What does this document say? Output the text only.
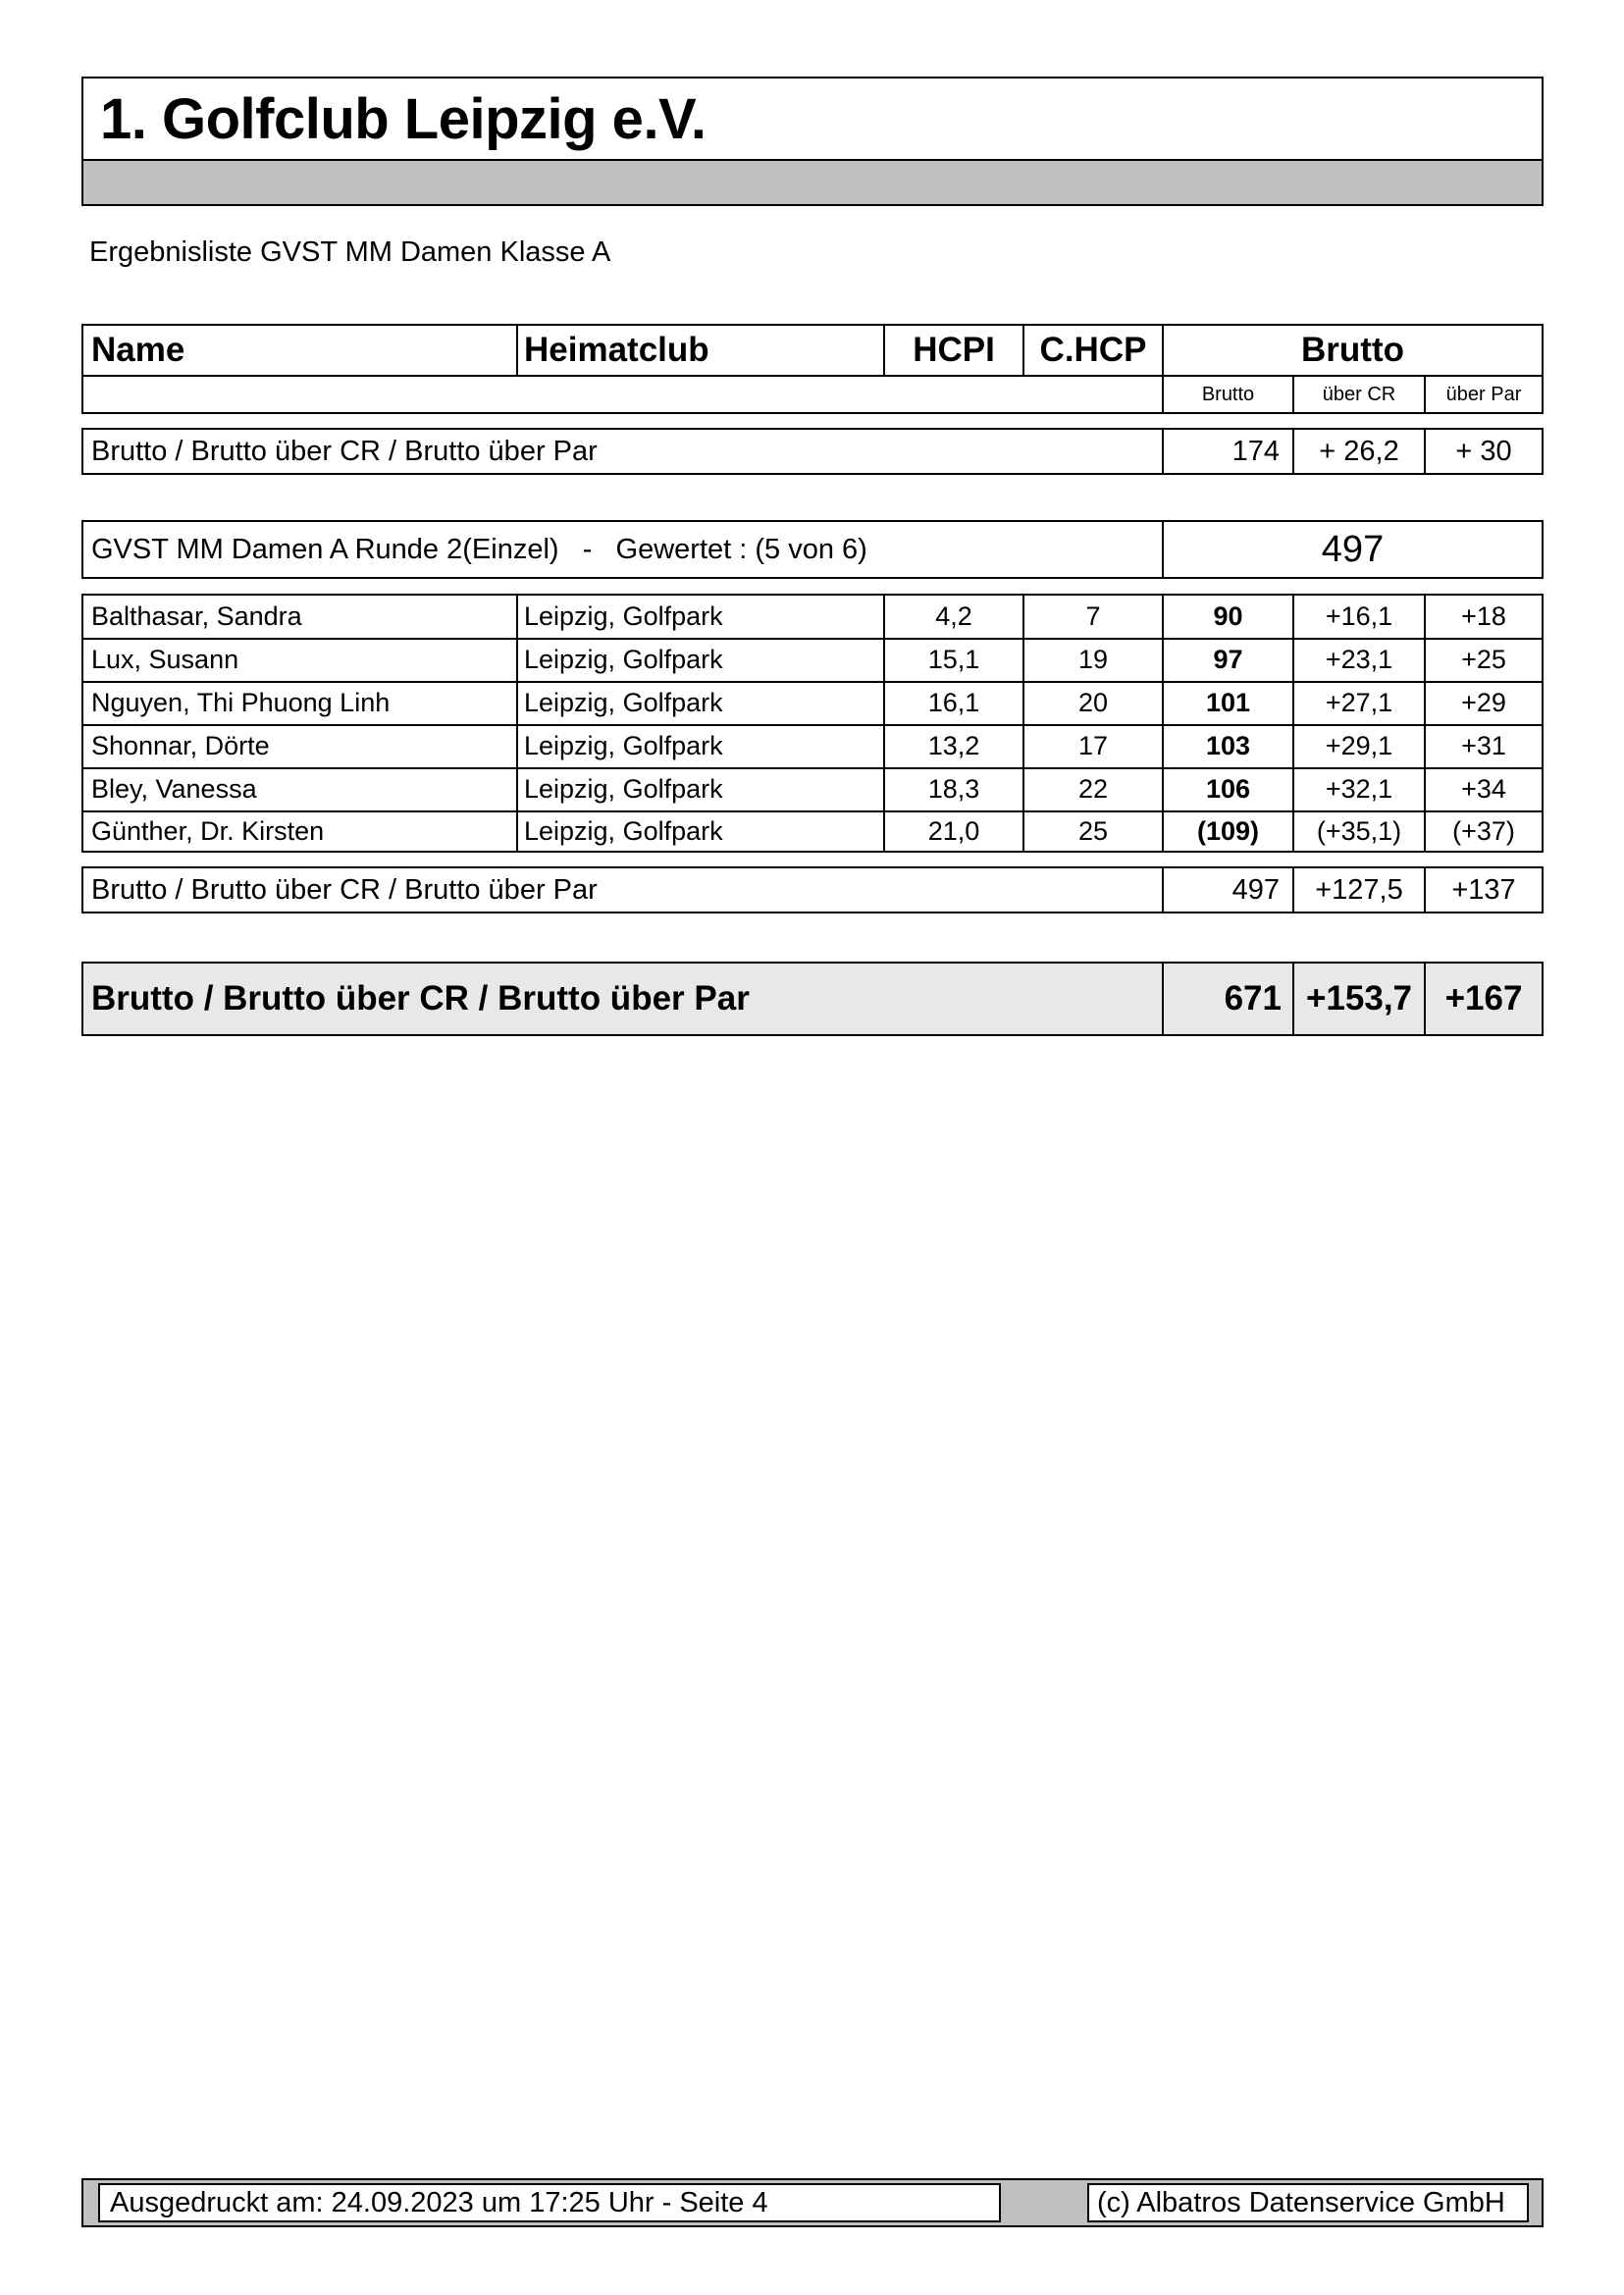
1. Golfclub Leipzig e.V.
Ergebnisliste GVST MM Damen Klasse A
Name	Heimatclub	HCPI	C.HCP	Brutto
Brutto	über CR	über Par
Brutto / Brutto über CR / Brutto über Par	174	+ 26,2	+ 30
GVST MM Damen A Runde 2(Einzel)   -   Gewertet : (5 von 6)	497
Balthasar, Sandra	Leipzig, Golfpark	4,2	7	90	+16,1	+18
Lux, Susann	Leipzig, Golfpark	15,1	19	97	+23,1	+25
Nguyen, Thi Phuong Linh	Leipzig, Golfpark	16,1	20	101	+27,1	+29
Shonnar, Dörte	Leipzig, Golfpark	13,2	17	103	+29,1	+31
Bley, Vanessa	Leipzig, Golfpark	18,3	22	106	+32,1	+34
Günther, Dr. Kirsten	Leipzig, Golfpark	21,0	25	(109)	(+35,1)	(+37)
Brutto / Brutto über CR / Brutto über Par	497	+127,5	+137
Brutto / Brutto über CR / Brutto über Par	671 +153,7 +167
Ausgedruckt am: 24.09.2023 um 17:25 Uhr - Seite 4	(c) Albatros Datenservice GmbH
